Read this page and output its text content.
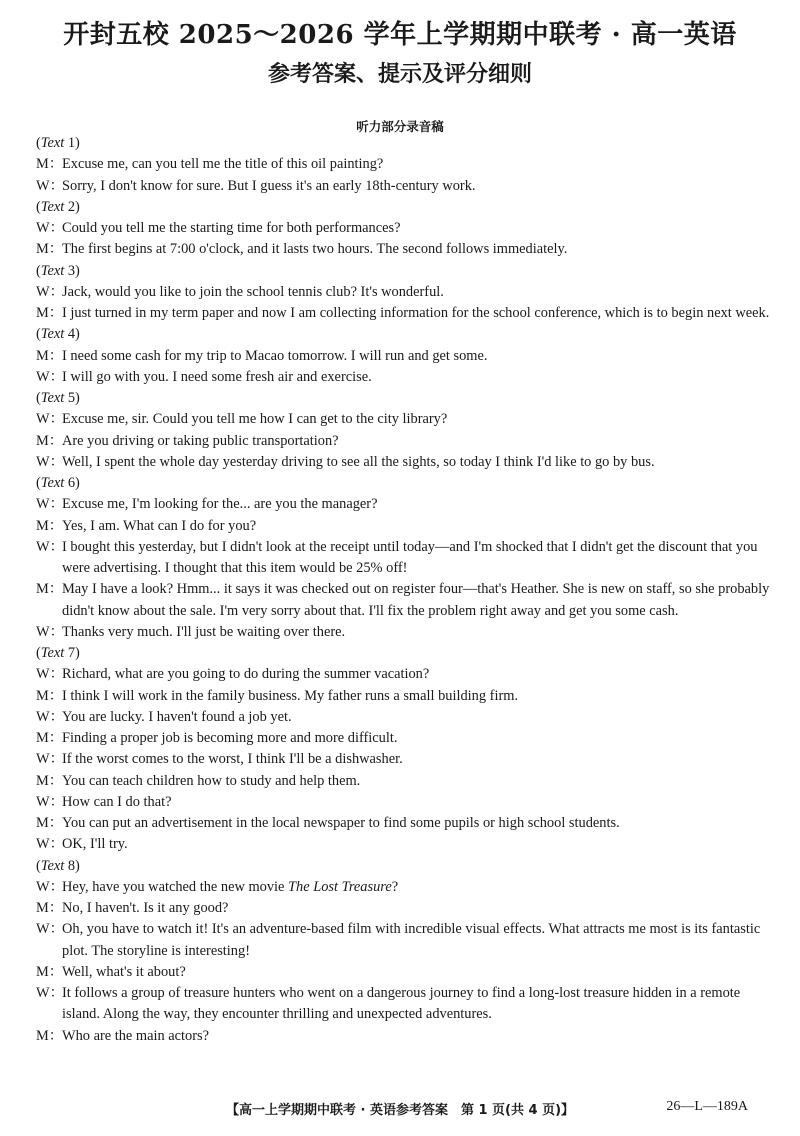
开封五校 2025～2026 学年上学期期中联考 · 高一英语
参考答案、提示及评分细则
听力部分录音稿
(Text 1)
M：Excuse me, can you tell me the title of this oil painting?
W：Sorry, I don't know for sure. But I guess it's an early 18th-century work.
(Text 2)
W：Could you tell me the starting time for both performances?
M：The first begins at 7:00 o'clock, and it lasts two hours. The second follows immediately.
(Text 3)
W：Jack, would you like to join the school tennis club? It's wonderful.
M：I just turned in my term paper and now I am collecting information for the school conference, which is to begin next week.
(Text 4)
M：I need some cash for my trip to Macao tomorrow. I will run and get some.
W：I will go with you. I need some fresh air and exercise.
(Text 5)
W：Excuse me, sir. Could you tell me how I can get to the city library?
M：Are you driving or taking public transportation?
W：Well, I spent the whole day yesterday driving to see all the sights, so today I think I'd like to go by bus.
(Text 6)
W：Excuse me, I'm looking for the... are you the manager?
M：Yes, I am. What can I do for you?
W：I bought this yesterday, but I didn't look at the receipt until today—and I'm shocked that I didn't get the discount that you were advertising. I thought that this item would be 25% off!
M：May I have a look? Hmm... it says it was checked out on register four—that's Heather. She is new on staff, so she probably didn't know about the sale. I'm very sorry about that. I'll fix the problem right away and get you some cash.
W：Thanks very much. I'll just be waiting over there.
(Text 7)
W：Richard, what are you going to do during the summer vacation?
M：I think I will work in the family business. My father runs a small building firm.
W：You are lucky. I haven't found a job yet.
M：Finding a proper job is becoming more and more difficult.
W：If the worst comes to the worst, I think I'll be a dishwasher.
M：You can teach children how to study and help them.
W：How can I do that?
M：You can put an advertisement in the local newspaper to find some pupils or high school students.
W：OK, I'll try.
(Text 8)
W：Hey, have you watched the new movie The Lost Treasure?
M：No, I haven't. Is it any good?
W：Oh, you have to watch it! It's an adventure-based film with incredible visual effects. What attracts me most is its fantastic plot. The storyline is interesting!
M：Well, what's it about?
W：It follows a group of treasure hunters who went on a dangerous journey to find a long-lost treasure hidden in a remote island. Along the way, they encounter thrilling and unexpected adventures.
M：Who are the main actors?
【高一上学期期中联考 · 英语参考答案　第 1 页(共 4 页)】	26—L—189A
